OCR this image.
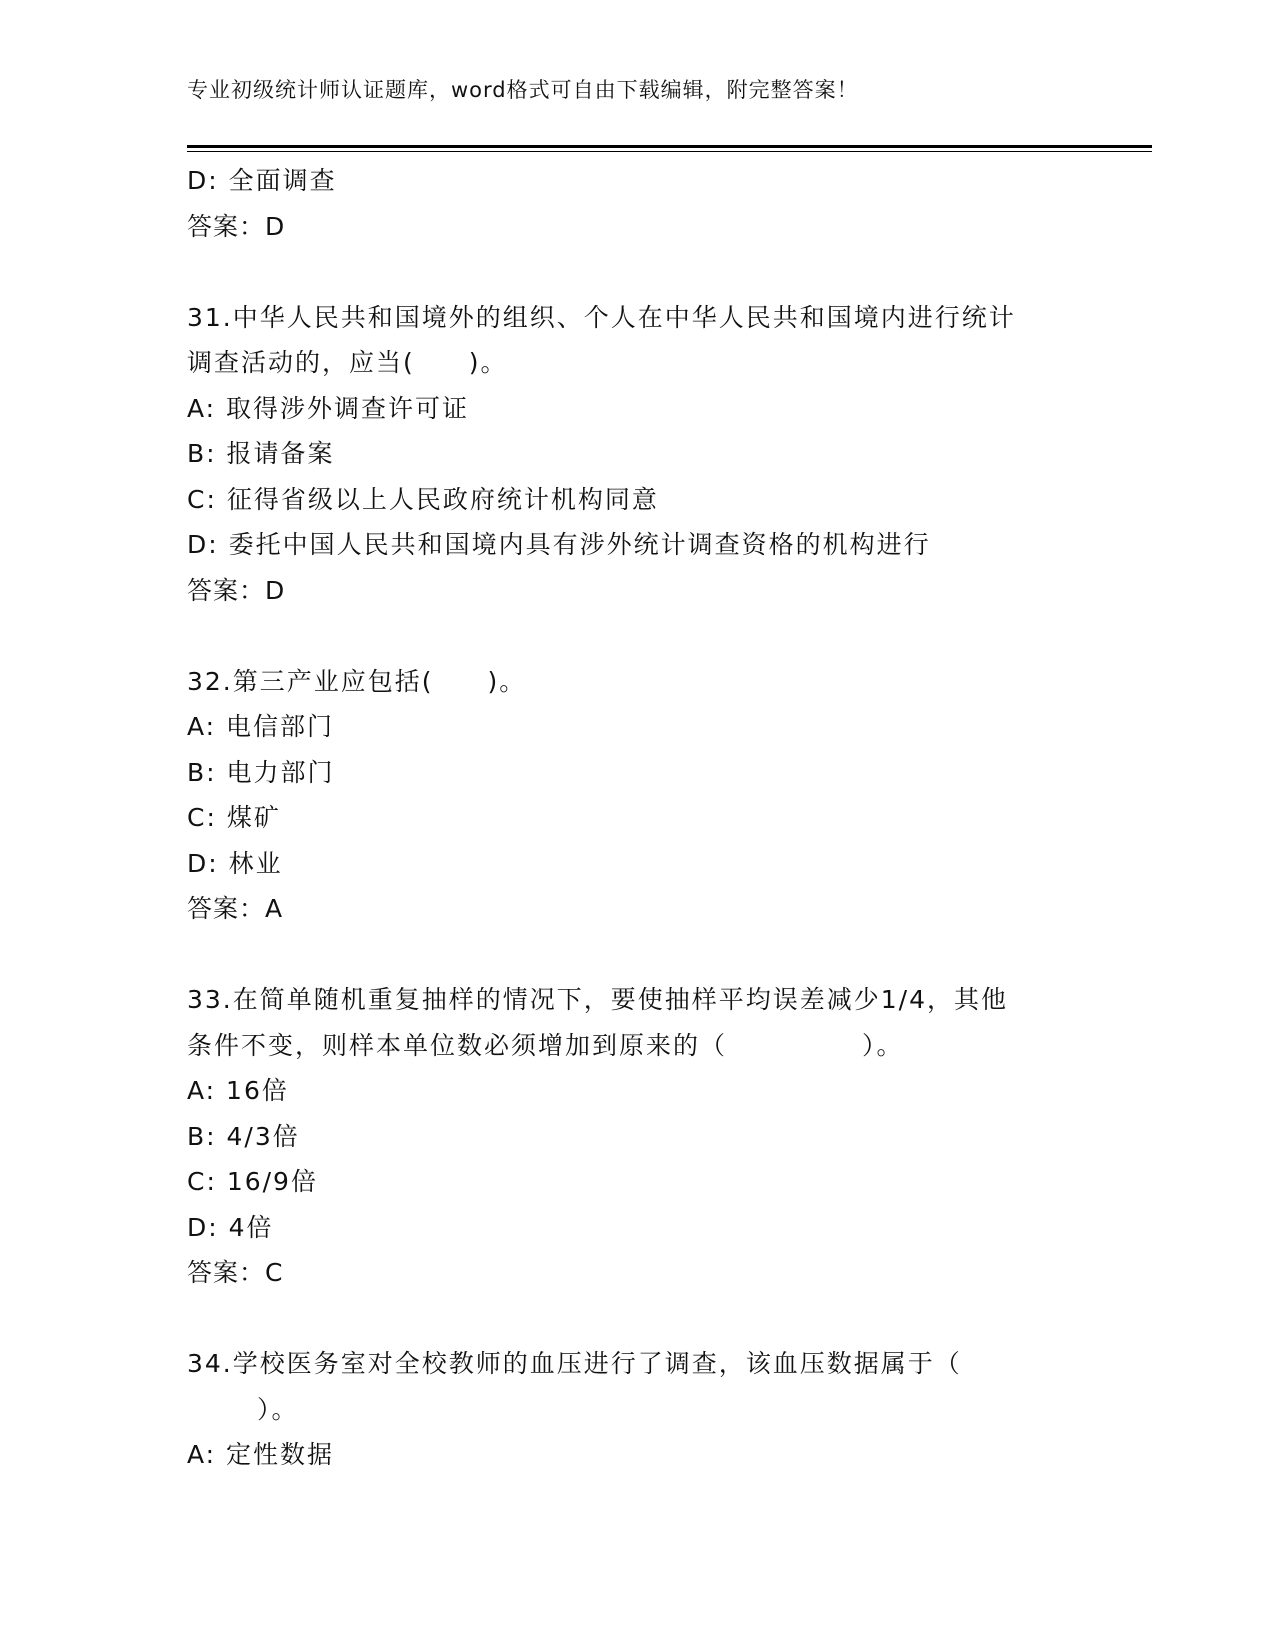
专业初级统计师认证题库，word格式可自由下载编辑，附完整答案！
D: 全面调查
答案：D
31.中华人民共和国境外的组织、个人在中华人民共和国境内进行统计
调查活动的，应当(　　)。
A: 取得涉外调查许可证
B: 报请备案
C: 征得省级以上人民政府统计机构同意
D: 委托中国人民共和国境内具有涉外统计调查资格的机构进行
答案：D
32.第三产业应包括(　　)。
A: 电信部门
B: 电力部门
C: 煤矿
D: 林业
答案：A
33.在简单随机重复抽样的情况下，要使抽样平均误差减少1/4，其他
条件不变，则样本单位数必须增加到原来的（　　　　　）。
A: 16倍
B: 4/3倍
C: 16/9倍
D: 4倍
答案：C
34.学校医务室对全校教师的血压进行了调查，该血压数据属于（
）。
A: 定性数据
